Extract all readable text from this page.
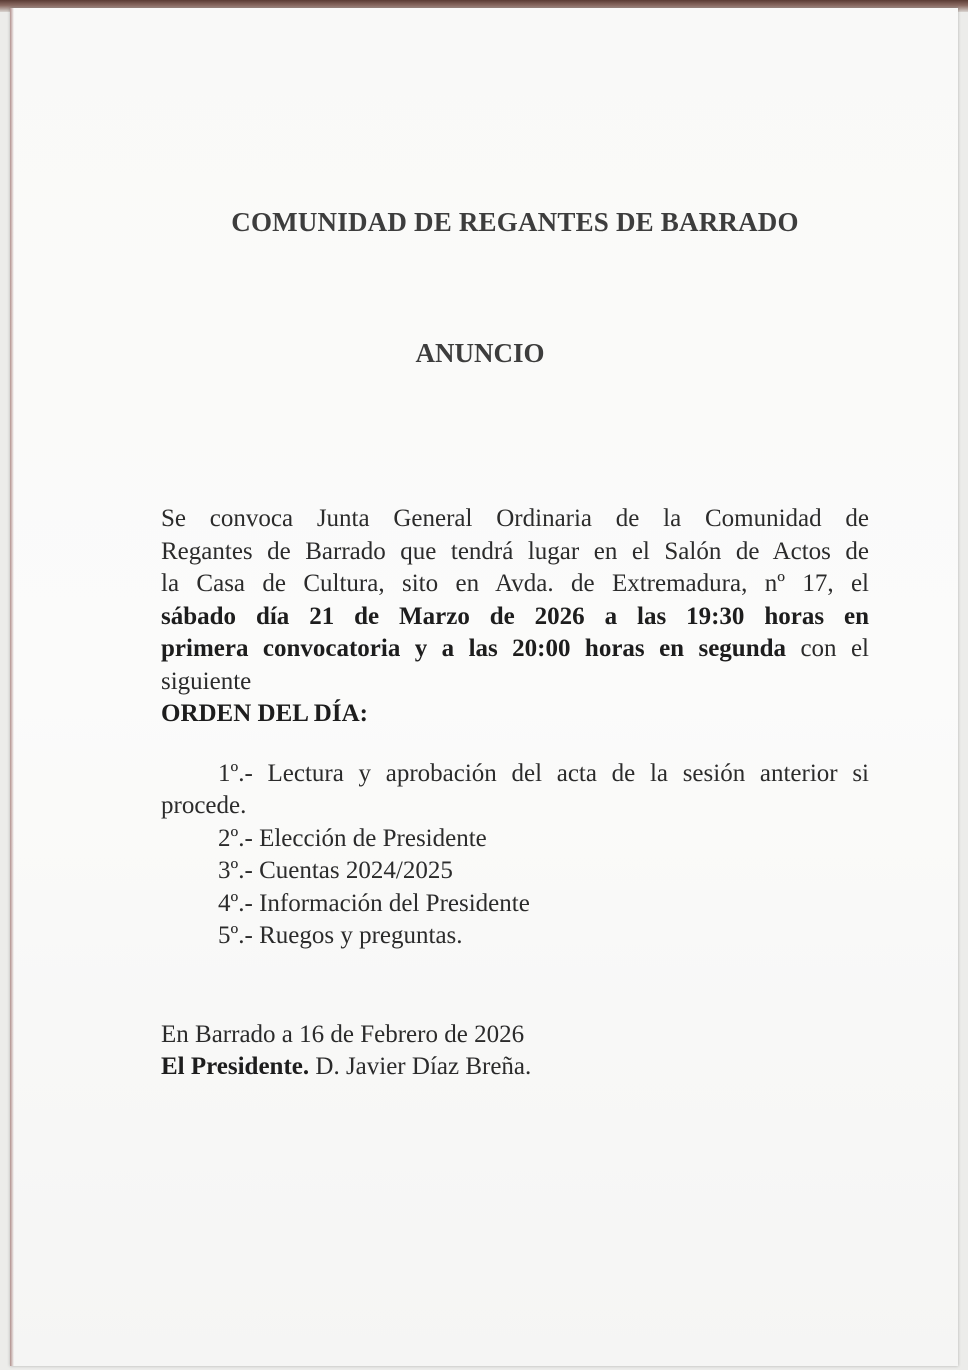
COMUNIDAD DE REGANTES DE BARRADO
ANUNCIO
Se convoca Junta General Ordinaria de la Comunidad de
Regantes de Barrado que tendrá lugar en el Salón de Actos de
la Casa de Cultura, sito en Avda. de Extremadura, nº 17, el
sábado día 21 de Marzo de 2026 a las 19:30 horas en
primera convocatoria y a las 20:00 horas en segunda con el
siguiente
ORDEN DEL DÍA:
1º.- Lectura y aprobación del acta de la sesión anterior si
procede.
2º.- Elección de Presidente
3º.- Cuentas 2024/2025
4º.- Información del Presidente
5º.- Ruegos y preguntas.
En Barrado a 16 de Febrero de 2026
El Presidente. D. Javier Díaz Breña.
